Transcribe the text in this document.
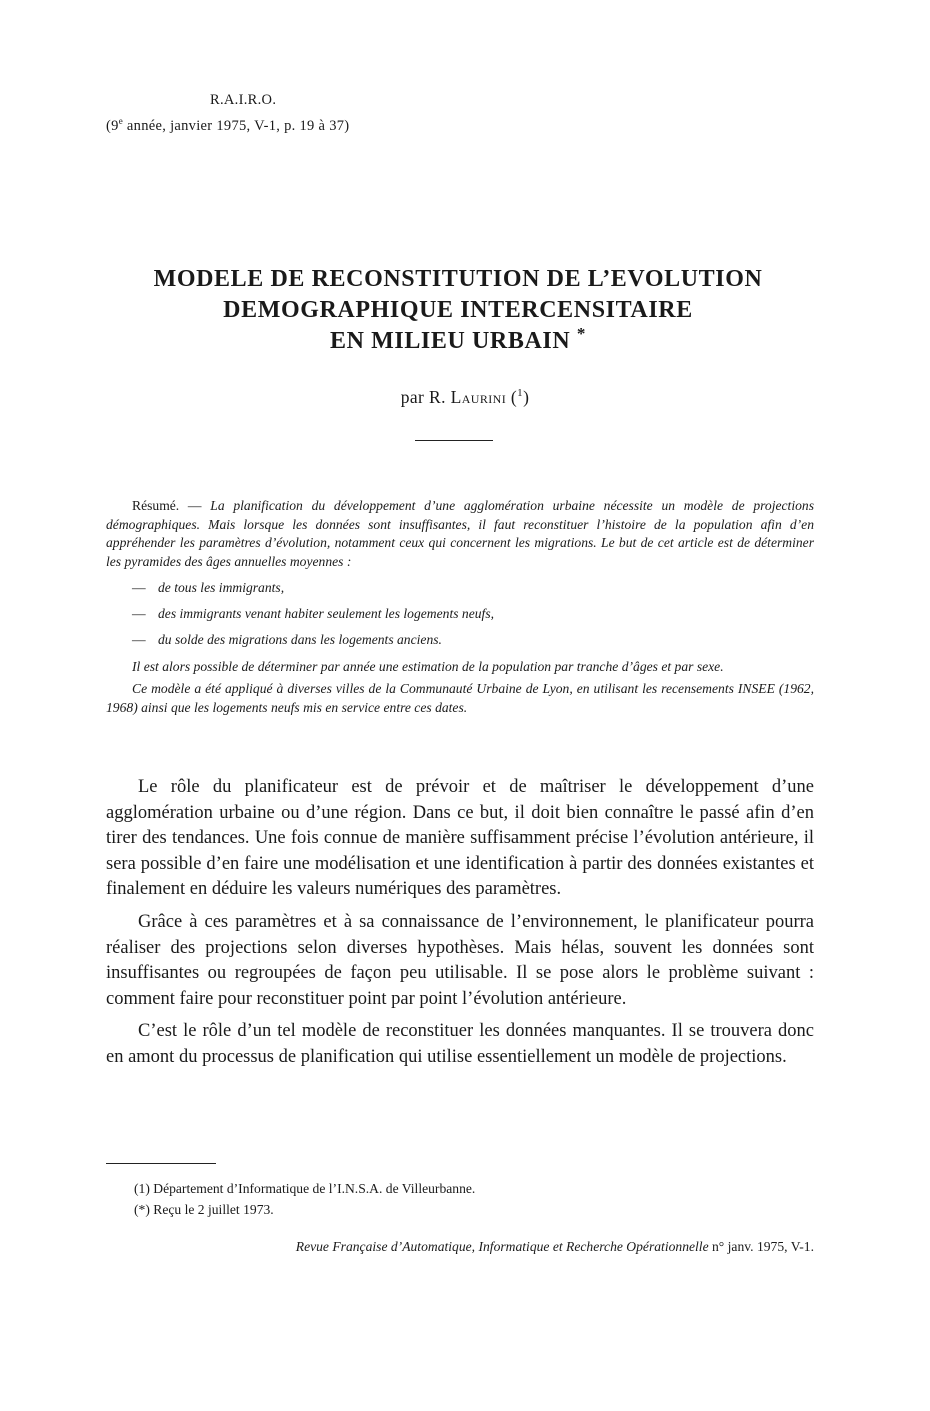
R.A.I.R.O.
(9e année, janvier 1975, V-1, p. 19 à 37)
MODELE DE RECONSTITUTION DE L’EVOLUTION
DEMOGRAPHIQUE INTERCENSITAIRE
EN MILIEU URBAIN *
par R. Laurini ($^1$)

Résumé. — La planification du développement d’une agglomération urbaine nécessite un modèle de projections démographiques. Mais lorsque les données sont insuffisantes, il faut reconstituer l’histoire de la population afin d’en appréhender les paramètres d’évolution, notamment ceux qui concernent les migrations. Le but de cet article est de déterminer les pyramides des âges annuelles moyennes :

— de tous les immigrants,
— des immigrants venant habiter seulement les logements neufs,
— du solde des migrations dans les logements anciens.

Il est alors possible de déterminer par année une estimation de la population par tranche d’âges et par sexe.

Ce modèle a été appliqué à diverses villes de la Communauté Urbaine de Lyon, en utilisant les recensements INSEE (1962, 1968) ainsi que les logements neufs mis en service entre ces dates.

Le rôle du planificateur est de prévoir et de maîtriser le développement d’une agglomération urbaine ou d’une région. Dans ce but, il doit bien connaître le passé afin d’en tirer des tendances. Une fois connue de manière suffisamment précise l’évolution antérieure, il sera possible d’en faire une modélisation et une identification à partir des données existantes et finalement en déduire les valeurs numériques des paramètres.

Grâce à ces paramètres et à sa connaissance de l’environnement, le planificateur pourra réaliser des projections selon diverses hypothèses. Mais hélas, souvent les données sont insuffisantes ou regroupées de façon peu utilisable. Il se pose alors le problème suivant : comment faire pour reconstituer point par point l’évolution antérieure.

C’est le rôle d’un tel modèle de reconstituer les données manquantes. Il se trouvera donc en amont du processus de planification qui utilise essentiellement un modèle de projections.

(1) Département d’Informatique de l’I.N.S.A. de Villeurbanne.
(*) Reçu le 2 juillet 1973.
Revue Française d’Automatique, Informatique et Recherche Opérationnelle n° janv. 1975, V-1.
